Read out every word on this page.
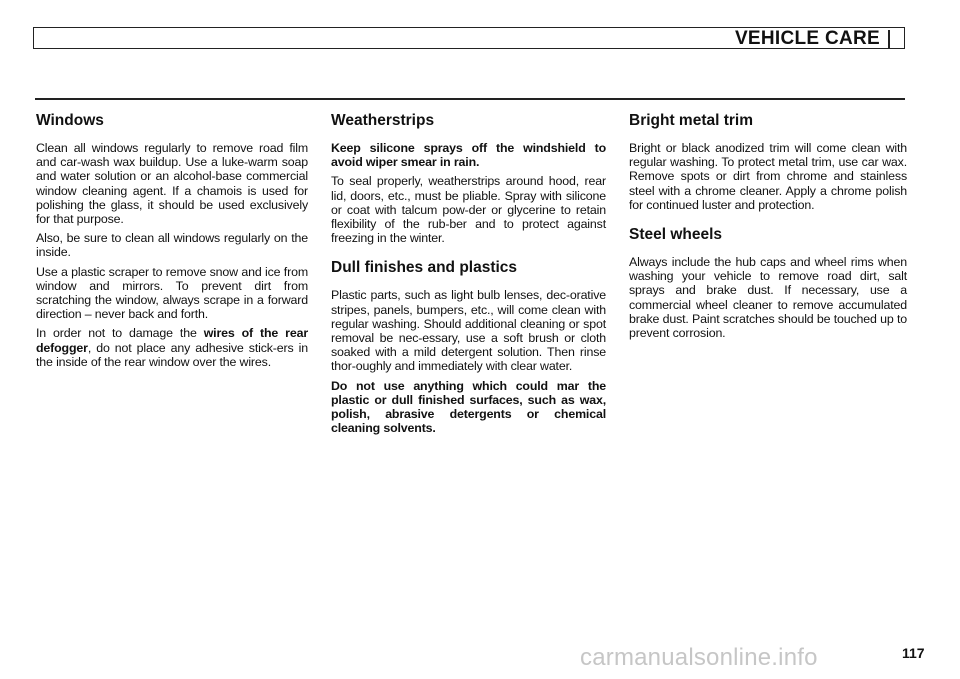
VEHICLE CARE
Windows

Clean all windows regularly to remove road film and car-wash wax buildup. Use a luke-warm soap and water solution or an alcohol-base commercial window cleaning agent. If a chamois is used for polishing the glass, it should be used exclusively for that purpose.

Also, be sure to clean all windows regularly on the inside.

Use a plastic scraper to remove snow and ice from window and mirrors. To prevent dirt from scratching the window, always scrape in a forward direction – never back and forth.

In order not to damage the wires of the rear defogger, do not place any adhesive stick-ers in the inside of the rear window over the wires.

Weatherstrips

Keep silicone sprays off the windshield to avoid wiper smear in rain.

To seal properly, weatherstrips around hood, rear lid, doors, etc., must be pliable. Spray with silicone or coat with talcum pow-der or glycerine to retain flexibility of the rub-ber and to protect against freezing in the winter.

Dull finishes and plastics

Plastic parts, such as light bulb lenses, dec-orative stripes, panels, bumpers, etc., will come clean with regular washing. Should additional cleaning or spot removal be nec-essary, use a soft brush or cloth soaked with a mild detergent solution. Then rinse thor-oughly and immediately with clear water.

Do not use anything which could mar the plastic or dull finished surfaces, such as wax, polish, abrasive detergents or chemical cleaning solvents.

Bright metal trim

Bright or black anodized trim will come clean with regular washing. To protect metal trim, use car wax. Remove spots or dirt from chrome and stainless steel with a chrome cleaner. Apply a chrome polish for continued luster and protection.

Steel wheels

Always include the hub caps and wheel rims when washing your vehicle to remove road dirt, salt sprays and brake dust. If necessary, use a commercial wheel cleaner to remove accumulated brake dust. Paint scratches should be touched up to prevent corrosion.

carmanualsonline.info	117
